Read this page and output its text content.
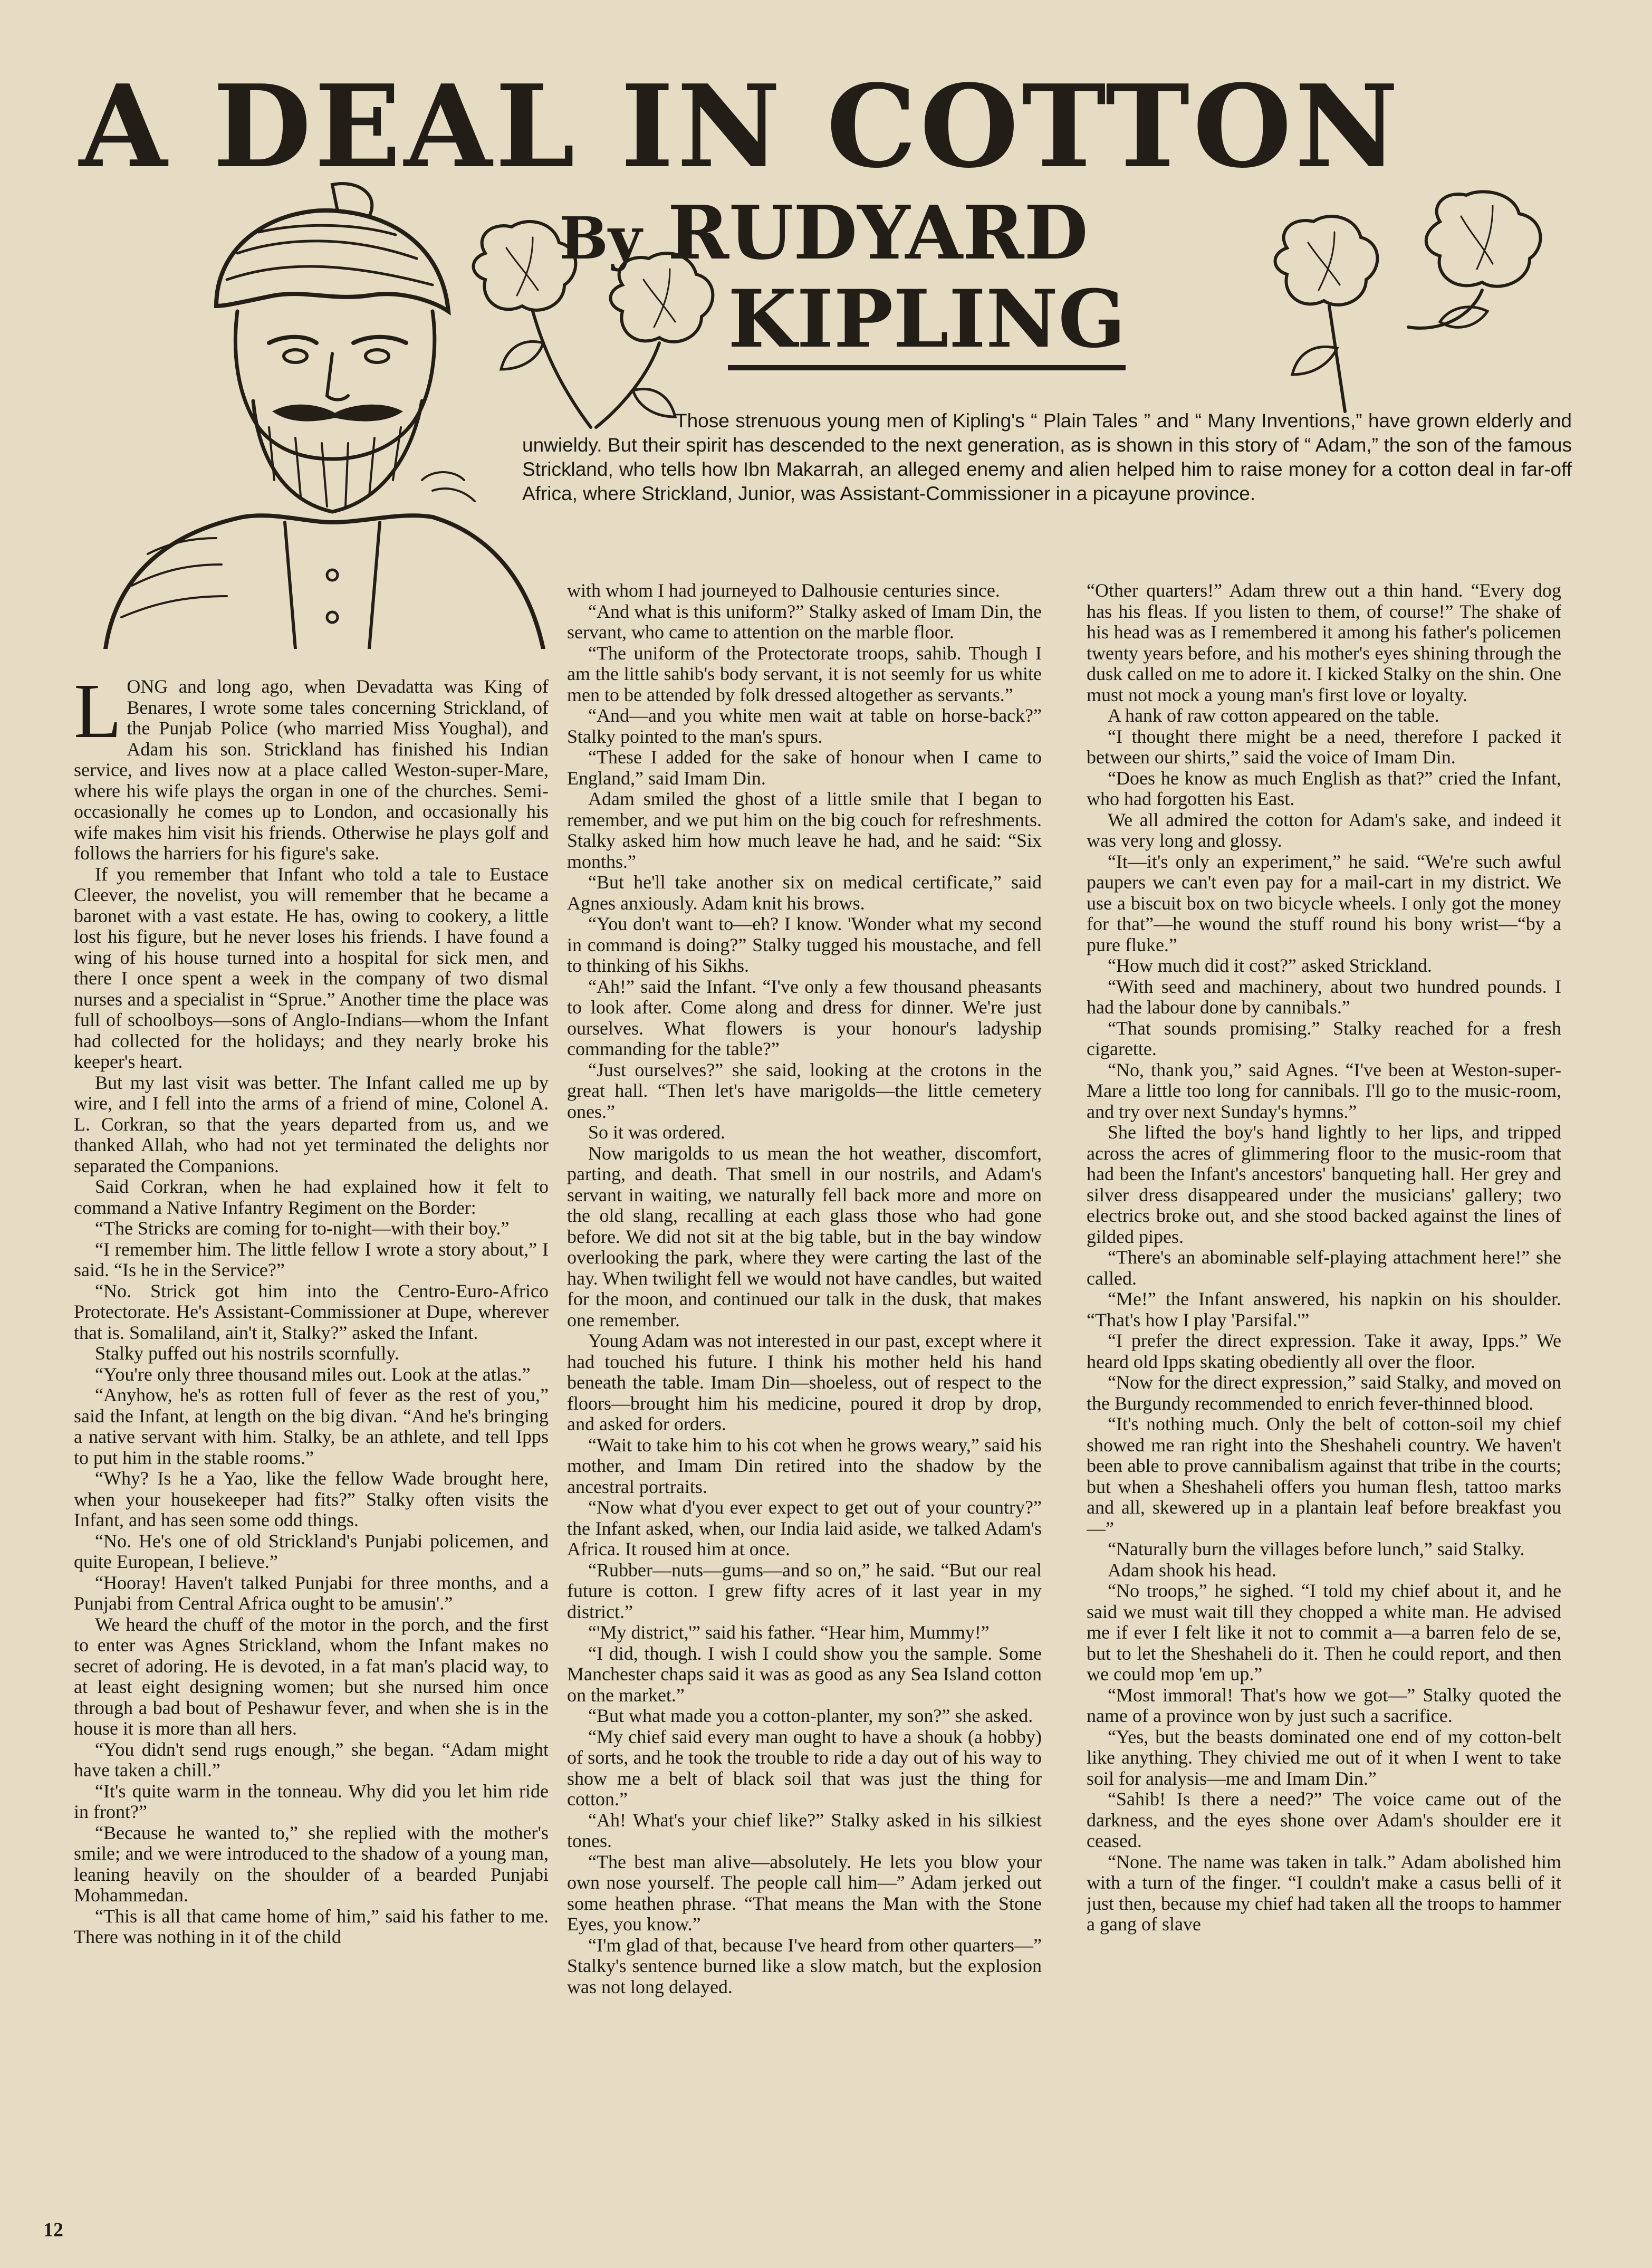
A DEAL IN COTTON
By RUDYARD
KIPLING
Those strenuous young men of Kipling's “ Plain Tales ” and “ Many Inventions,” have grown elderly and unwieldy. But their spirit has descended to the next generation, as is shown in this story of “ Adam,” the son of the famous Strickland, who tells how Ibn Makarrah, an alleged enemy and alien helped him to raise money for a cotton deal in far-off Africa, where Strickland, Junior, was Assistant-Commissioner in a picayune province.
L ONG and long ago, when Devadatta was King of Benares, I wrote some tales concerning Strickland, of the Punjab Police (who married Miss Youghal), and Adam his son. Strickland has finished his Indian service, and lives now at a place called Weston-super-Mare, where his wife plays the organ in one of the churches. Semi-occasionally he comes up to London, and occasionally his wife makes him visit his friends. Otherwise he plays golf and follows the harriers for his figure's sake.

If you remember that Infant who told a tale to Eustace Cleever, the novelist, you will remember that he became a baronet with a vast estate. He has, owing to cookery, a little lost his figure, but he never loses his friends. I have found a wing of his house turned into a hospital for sick men, and there I once spent a week in the company of two dismal nurses and a specialist in “Sprue.” Another time the place was full of schoolboys—sons of Anglo-Indians—whom the Infant had collected for the holidays; and they nearly broke his keeper's heart.

But my last visit was better. The Infant called me up by wire, and I fell into the arms of a friend of mine, Colonel A. L. Corkran, so that the years departed from us, and we thanked Allah, who had not yet terminated the delights nor separated the Companions.

Said Corkran, when he had explained how it felt to command a Native Infantry Regiment on the Border:

“The Stricks are coming for to-night—with their boy.”

“I remember him. The little fellow I wrote a story about,” I said. “Is he in the Service?”

“No. Strick got him into the Centro-Euro-Africo Protectorate. He's Assistant-Commissioner at Dupe, wherever that is. Somaliland, ain't it, Stalky?” asked the Infant.

Stalky puffed out his nostrils scornfully.

“You're only three thousand miles out. Look at the atlas.”

“Anyhow, he's as rotten full of fever as the rest of you,” said the Infant, at length on the big divan. “And he's bringing a native servant with him. Stalky, be an athlete, and tell Ipps to put him in the stable rooms.”

“Why? Is he a Yao, like the fellow Wade brought here, when your housekeeper had fits?” Stalky often visits the Infant, and has seen some odd things.

“No. He's one of old Strickland's Punjabi policemen, and quite European, I believe.”

“Hooray! Haven't talked Punjabi for three months, and a Punjabi from Central Africa ought to be amusin'.”

We heard the chuff of the motor in the porch, and the first to enter was Agnes Strickland, whom the Infant makes no secret of adoring. He is devoted, in a fat man's placid way, to at least eight designing women; but she nursed him once through a bad bout of Peshawur fever, and when she is in the house it is more than all hers.

“You didn't send rugs enough,” she began. “Adam might have taken a chill.”

“It's quite warm in the tonneau. Why did you let him ride in front?”

“Because he wanted to,” she replied with the mother's smile; and we were introduced to the shadow of a young man, leaning heavily on the shoulder of a bearded Punjabi Mohammedan.

“This is all that came home of him,” said his father to me. There was nothing in it of the child

with whom I had journeyed to Dalhousie centuries since.

“And what is this uniform?” Stalky asked of Imam Din, the servant, who came to attention on the marble floor.

“The uniform of the Protectorate troops, sahib. Though I am the little sahib's body servant, it is not seemly for us white men to be attended by folk dressed altogether as servants.”

“And—and you white men wait at table on horse-back?” Stalky pointed to the man's spurs.

“These I added for the sake of honour when I came to England,” said Imam Din.

Adam smiled the ghost of a little smile that I began to remember, and we put him on the big couch for refreshments. Stalky asked him how much leave he had, and he said: “Six months.”

“But he'll take another six on medical certificate,” said Agnes anxiously. Adam knit his brows.

“You don't want to—eh? I know. 'Wonder what my second in command is doing?” Stalky tugged his moustache, and fell to thinking of his Sikhs.

“Ah!” said the Infant. “I've only a few thousand pheasants to look after. Come along and dress for dinner. We're just ourselves. What flowers is your honour's ladyship commanding for the table?”

“Just ourselves?” she said, looking at the crotons in the great hall. “Then let's have marigolds—the little cemetery ones.”

So it was ordered.

Now marigolds to us mean the hot weather, discomfort, parting, and death. That smell in our nostrils, and Adam's servant in waiting, we naturally fell back more and more on the old slang, recalling at each glass those who had gone before. We did not sit at the big table, but in the bay window overlooking the park, where they were carting the last of the hay. When twilight fell we would not have candles, but waited for the moon, and continued our talk in the dusk, that makes one remember.

Young Adam was not interested in our past, except where it had touched his future. I think his mother held his hand beneath the table. Imam Din—shoeless, out of respect to the floors—brought him his medicine, poured it drop by drop, and asked for orders.

“Wait to take him to his cot when he grows weary,” said his mother, and Imam Din retired into the shadow by the ancestral portraits.

“Now what d'you ever expect to get out of your country?” the Infant asked, when, our India laid aside, we talked Adam's Africa. It roused him at once.

“Rubber—nuts—gums—and so on,” he said. “But our real future is cotton. I grew fifty acres of it last year in my district.”

“'My district,'” said his father. “Hear him, Mummy!”

“I did, though. I wish I could show you the sample. Some Manchester chaps said it was as good as any Sea Island cotton on the market.”

“But what made you a cotton-planter, my son?” she asked.

“My chief said every man ought to have a shouk (a hobby) of sorts, and he took the trouble to ride a day out of his way to show me a belt of black soil that was just the thing for cotton.”

“Ah! What's your chief like?” Stalky asked in his silkiest tones.

“The best man alive—absolutely. He lets you blow your own nose yourself. The people call him—” Adam jerked out some heathen phrase. “That means the Man with the Stone Eyes, you know.”

“I'm glad of that, because I've heard from other quarters—” Stalky's sentence burned like a slow match, but the explosion was not long delayed.

“Other quarters!” Adam threw out a thin hand. “Every dog has his fleas. If you listen to them, of course!” The shake of his head was as I remembered it among his father's policemen twenty years before, and his mother's eyes shining through the dusk called on me to adore it. I kicked Stalky on the shin. One must not mock a young man's first love or loyalty.

A hank of raw cotton appeared on the table.

“I thought there might be a need, therefore I packed it between our shirts,” said the voice of Imam Din.

“Does he know as much English as that?” cried the Infant, who had forgotten his East.

We all admired the cotton for Adam's sake, and indeed it was very long and glossy.

“It—it's only an experiment,” he said. “We're such awful paupers we can't even pay for a mail-cart in my district. We use a biscuit box on two bicycle wheels. I only got the money for that”—he wound the stuff round his bony wrist—“by a pure fluke.”

“How much did it cost?” asked Strickland.

“With seed and machinery, about two hundred pounds. I had the labour done by cannibals.”

“That sounds promising.” Stalky reached for a fresh cigarette.

“No, thank you,” said Agnes. “I've been at Weston-super-Mare a little too long for cannibals. I'll go to the music-room, and try over next Sunday's hymns.”

She lifted the boy's hand lightly to her lips, and tripped across the acres of glimmering floor to the music-room that had been the Infant's ancestors' banqueting hall. Her grey and silver dress disappeared under the musicians' gallery; two electrics broke out, and she stood backed against the lines of gilded pipes.

“There's an abominable self-playing attachment here!” she called.

“Me!” the Infant answered, his napkin on his shoulder. “That's how I play 'Parsifal.'”

“I prefer the direct expression. Take it away, Ipps.” We heard old Ipps skating obediently all over the floor.

“Now for the direct expression,” said Stalky, and moved on the Burgundy recommended to enrich fever-thinned blood.

“It's nothing much. Only the belt of cotton-soil my chief showed me ran right into the Sheshaheli country. We haven't been able to prove cannibalism against that tribe in the courts; but when a Sheshaheli offers you human flesh, tattoo marks and all, skewered up in a plantain leaf before breakfast you—”

“Naturally burn the villages before lunch,” said Stalky.

Adam shook his head.

“No troops,” he sighed. “I told my chief about it, and he said we must wait till they chopped a white man. He advised me if ever I felt like it not to commit a—a barren felo de se, but to let the Sheshaheli do it. Then he could report, and then we could mop 'em up.”

“Most immoral! That's how we got—” Stalky quoted the name of a province won by just such a sacrifice.

“Yes, but the beasts dominated one end of my cotton-belt like anything. They chivied me out of it when I went to take soil for analysis—me and Imam Din.”

“Sahib! Is there a need?” The voice came out of the darkness, and the eyes shone over Adam's shoulder ere it ceased.

“None. The name was taken in talk.” Adam abolished him with a turn of the finger. “I couldn't make a casus belli of it just then, because my chief had taken all the troops to hammer a gang of slave

12
